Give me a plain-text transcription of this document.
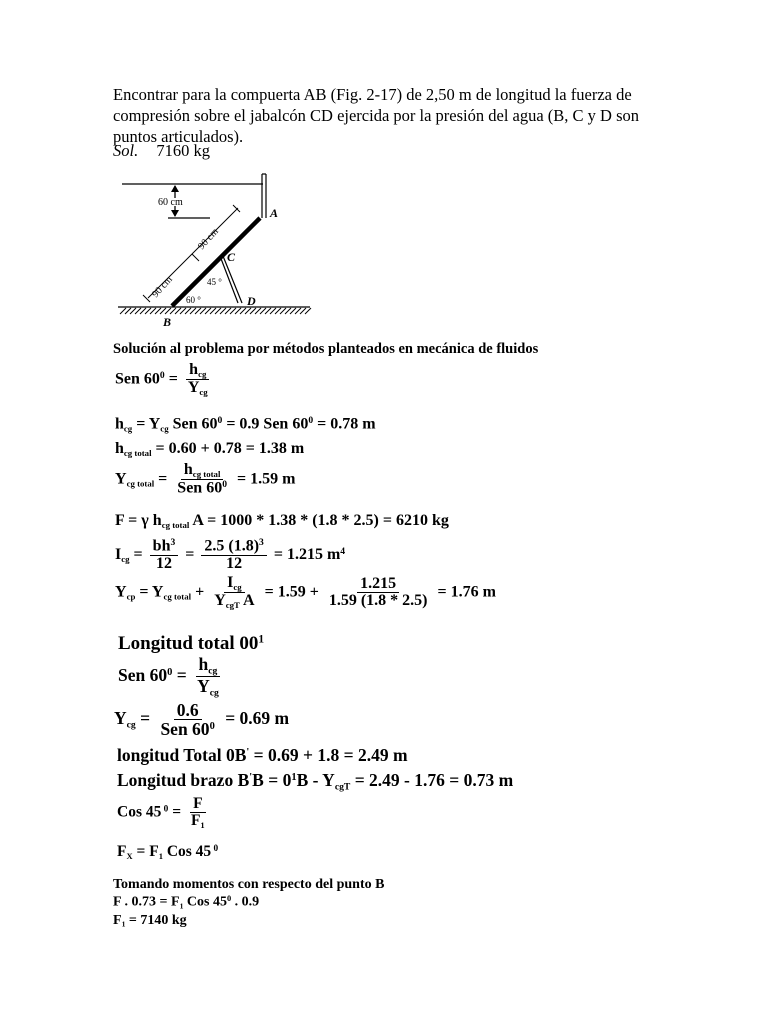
Encontrar para la compuerta AB (Fig. 2-17) de 2,50 m de longitud la fuerza de

compresión sobre el jabalcón CD ejercida por la presión del agua (B, C y D son

puntos articulados).

Sol. 7160 kg
60 cm
90 cm
90 cm
A
C
D
B
45 °
60 °
Solución al problema por métodos planteados en mecánica de fluidos
Sen $60^0 = \frac{h_{cg}}{Y_{cg}}$
$h_{cg} = Y_{cg}$ Sen $60^0 = 0.9$ Sen $60^0 = 0.78$ m
$h_{cg total} = 0.60 + 0.78 = 1.38$ m
$Y_{cg total} = \frac{h_{cg total}}{Sen 60^0} = 1.59$ m
F = γ $h_{cg total}$ A = 1000 * 1.38 * (1.8 * 2.5) = 6210 kg
$I_{cg} = \frac{bh^3}{12} = \frac{2.5 (1.8)^3}{12} = 1.215$ $m^4$
$Y_{cp} = Y_{cg total} + \frac{I_{cg}}{Y_{cgT} A} = 1.59 + \frac{1.215}{1.59 (1.8 * 2.5)} = 1.76$ m
Longitud total $00^1$
Sen $60^0 = \frac{h_{cg}}{Y_{cg}}$
$Y_{cg} = \frac{0.6}{Sen 60^0} = 0.69$ m
longitud Total 0B' = 0.69 + 1.8 = 2.49 m
Longitud brazo $B'B = 0^1B - Y_{cgT} = 2.49 - 1.76 = 0.73$ m
Cos 45 $^0 = \frac{F}{F_1}$
$F_X = F_1$ Cos 45 $^0$
Tomando momentos con respecto del punto B
F . $0.73 = F_1$ Cos $45^0$ . 0.9
$F_1 = 7140$ kg
